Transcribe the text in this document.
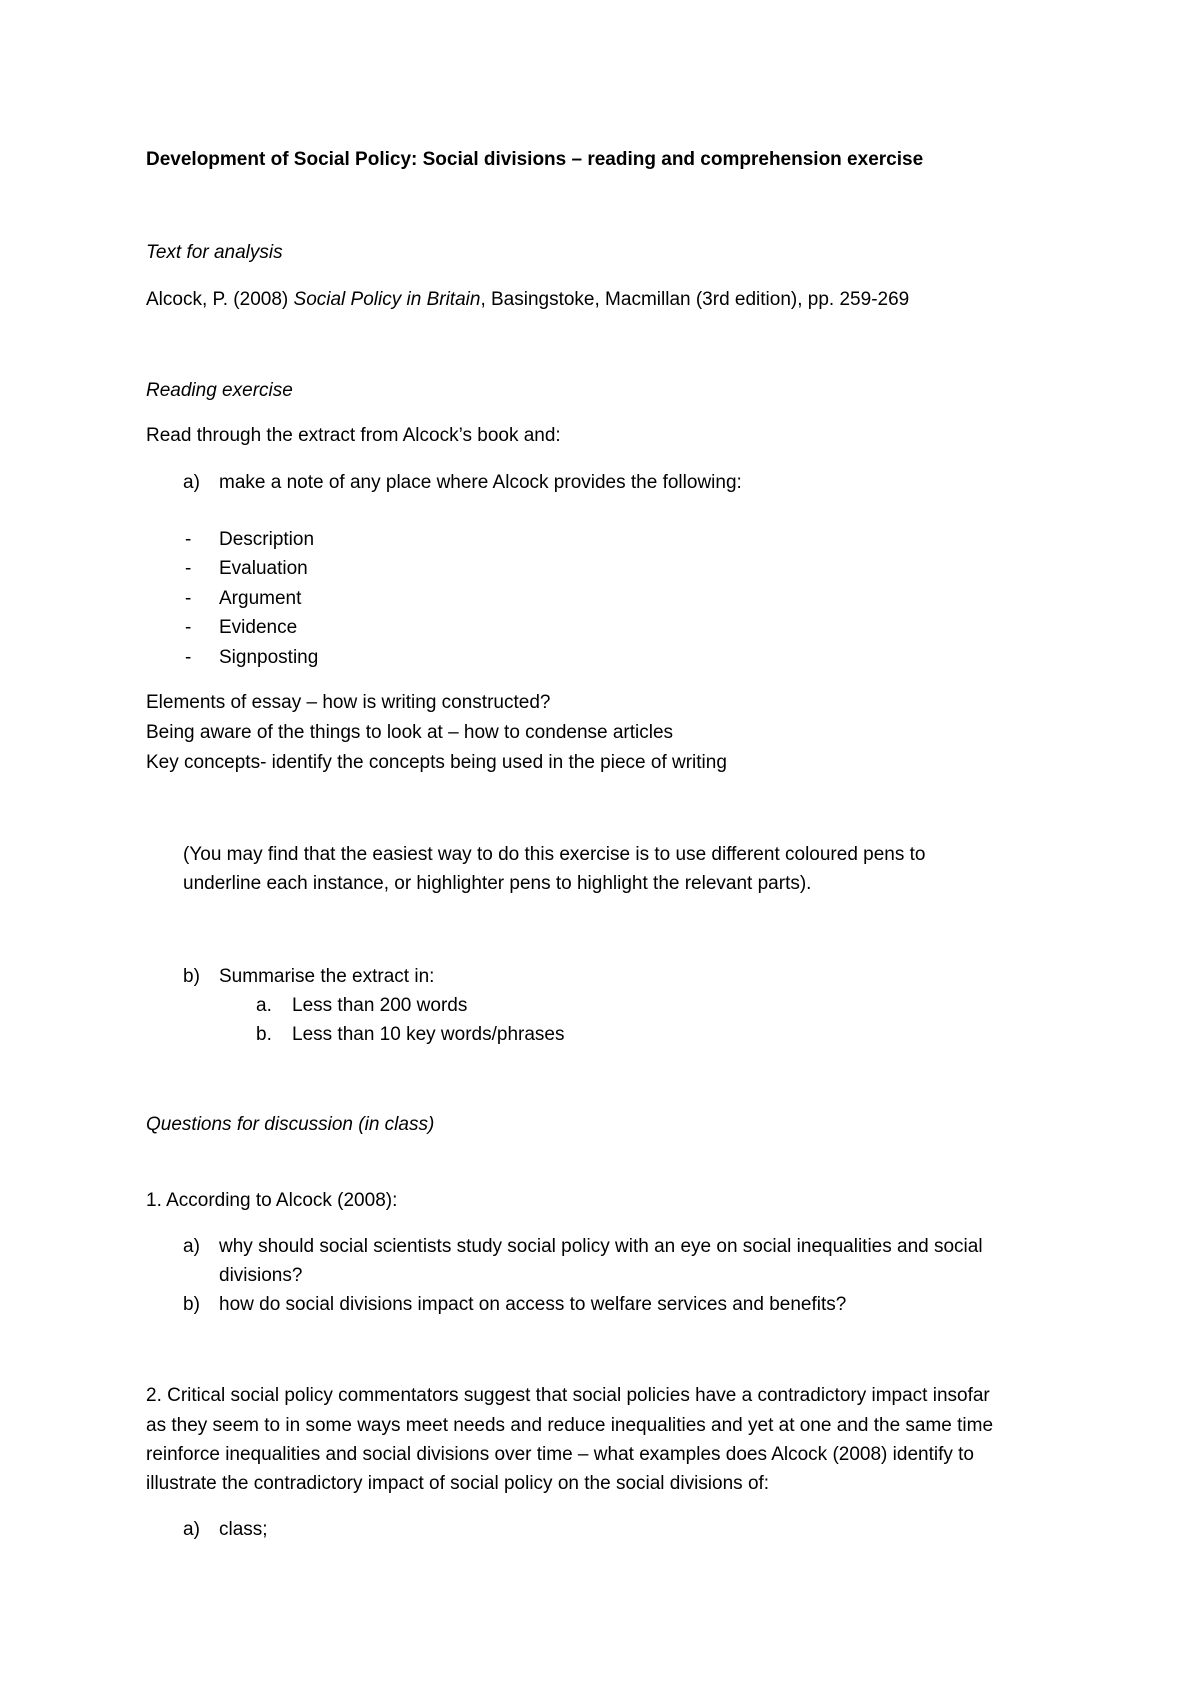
Development of Social Policy: Social divisions – reading and comprehension exercise
Text for analysis
Alcock, P. (2008) Social Policy in Britain, Basingstoke, Macmillan (3rd edition), pp. 259-269
Reading exercise
Read through the extract from Alcock’s book and:
a) make a note of any place where Alcock provides the following:
- Description
- Evaluation
- Argument
- Evidence
- Signposting
Elements of essay – how is writing constructed?
Being aware of the things to look at – how to condense articles
Key concepts- identify the concepts being used in the piece of writing
(You may find that the easiest way to do this exercise is to use different coloured pens to
underline each instance, or highlighter pens to highlight the relevant parts).
b) Summarise the extract in:
a. Less than 200 words
b. Less than 10 key words/phrases
Questions for discussion (in class)
1. According to Alcock (2008):
a) why should social scientists study social policy with an eye on social inequalities and social
divisions?
b) how do social divisions impact on access to welfare services and benefits?
2. Critical social policy commentators suggest that social policies have a contradictory impact insofar
as they seem to in some ways meet needs and reduce inequalities and yet at one and the same time
reinforce inequalities and social divisions over time – what examples does Alcock (2008) identify to
illustrate the contradictory impact of social policy on the social divisions of:
a) class;
